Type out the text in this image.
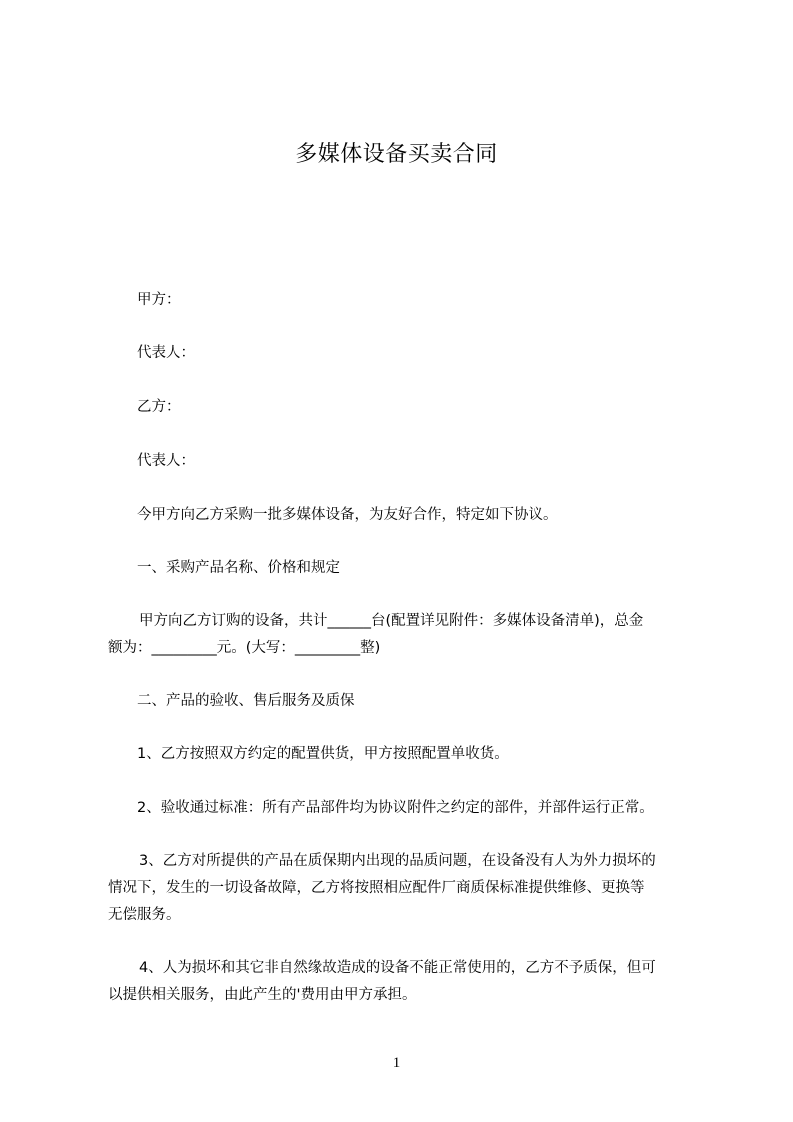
多媒体设备买卖合同
甲方：
代表人：
乙方：
代表人：
今甲方向乙方采购一批多媒体设备，为友好合作，特定如下协议。
一、采购产品名称、价格和规定
甲方向乙方订购的设备，共计______台(配置详见附件：多媒体设备清单)，总金
额为：_________元。(大写：_________整)
二、产品的验收、售后服务及质保
1、乙方按照双方约定的配置供货，甲方按照配置单收货。
2、验收通过标准：所有产品部件均为协议附件之约定的部件，并部件运行正常。
3、乙方对所提供的产品在质保期内出现的品质问题，在设备没有人为外力损坏的
情况下，发生的一切设备故障，乙方将按照相应配件厂商质保标准提供维修、更换等
无偿服务。
4、人为损坏和其它非自然缘故造成的设备不能正常使用的，乙方不予质保，但可
以提供相关服务，由此产生的'费用由甲方承担。
1
